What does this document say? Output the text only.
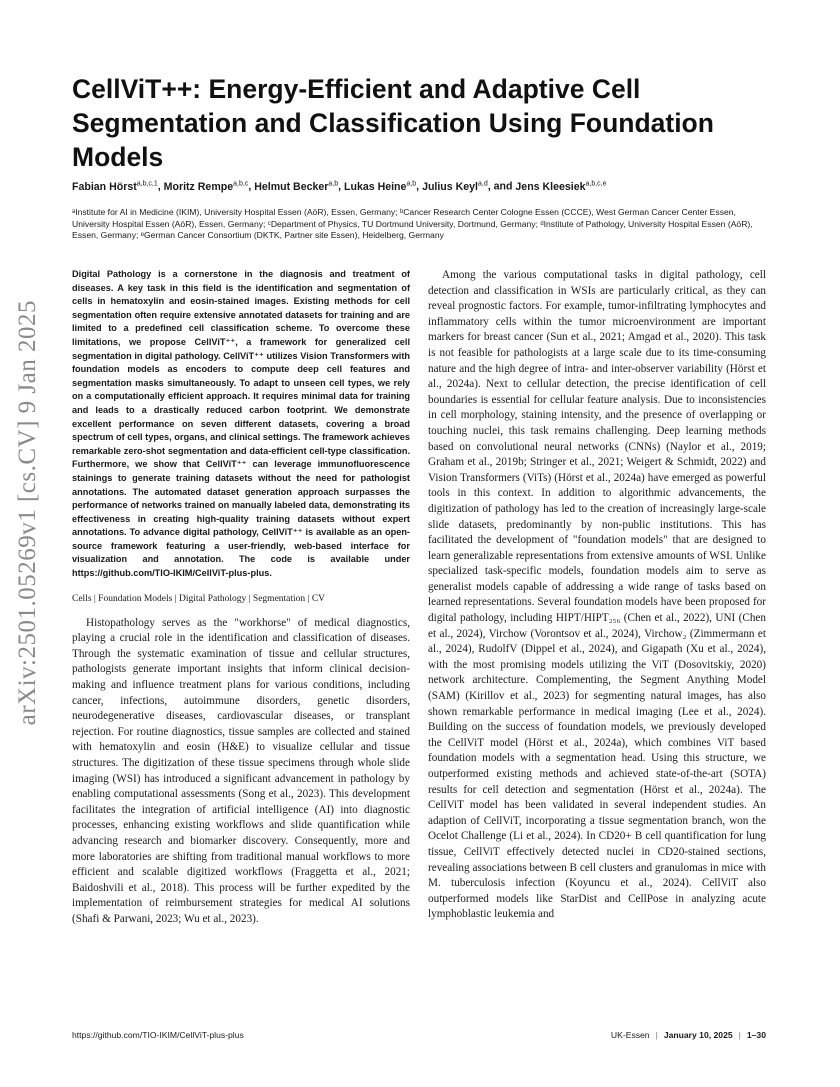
arXiv:2501.05269v1 [cs.CV] 9 Jan 2025
CellViT++: Energy-Efficient and Adaptive Cell Segmentation and Classification Using Foundation Models
Fabian Hörst$^{a,b,c,1}$, Moritz Rempe$^{a,b,c}$, Helmut Becker$^{a,b}$, Lukas Heine$^{a,b}$, Julius Keyl$^{a,d}$, and Jens Kleesiek$^{a,b,c,e}$
ᵃInstitute for AI in Medicine (IKIM), University Hospital Essen (AöR), Essen, Germany; ᵇCancer Research Center Cologne Essen (CCCE), West German Cancer Center Essen, University Hospital Essen (AöR), Essen, Germany; ᶜDepartment of Physics, TU Dortmund University, Dortmund, Germany; ᵈInstitute of Pathology, University Hospital Essen (AöR), Essen, Germany; ᵉGerman Cancer Consortium (DKTK, Partner site Essen), Heidelberg, Germany

Digital Pathology is a cornerstone in the diagnosis and treatment of diseases. A key task in this field is the identification and segmentation of cells in hematoxylin and eosin-stained images. Existing methods for cell segmentation often require extensive annotated datasets for training and are limited to a predefined cell classification scheme. To overcome these limitations, we propose CellViT⁺⁺, a framework for generalized cell segmentation in digital pathology. CellViT⁺⁺ utilizes Vision Transformers with foundation models as encoders to compute deep cell features and segmentation masks simultaneously. To adapt to unseen cell types, we rely on a computationally efficient approach. It requires minimal data for training and leads to a drastically reduced carbon footprint. We demonstrate excellent performance on seven different datasets, covering a broad spectrum of cell types, organs, and clinical settings. The framework achieves remarkable zero-shot segmentation and data-efficient cell-type classification. Furthermore, we show that CellViT⁺⁺ can leverage immunofluorescence stainings to generate training datasets without the need for pathologist annotations. The automated dataset generation approach surpasses the performance of networks trained on manually labeled data, demonstrating its effectiveness in creating high-quality training datasets without expert annotations. To advance digital pathology, CellViT⁺⁺ is available as an open-source framework featuring a user-friendly, web-based interface for visualization and annotation. The code is available under https://github.com/TIO-IKIM/CellViT-plus-plus.

Cells | Foundation Models | Digital Pathology | Segmentation | CV

Histopathology serves as the "workhorse" of medical diagnostics, playing a crucial role in the identification and classification of diseases. Through the systematic examination of tissue and cellular structures, pathologists generate important insights that inform clinical decision-making and influence treatment plans for various conditions, including cancer, infections, autoimmune disorders, genetic disorders, neurodegenerative diseases, cardiovascular diseases, or transplant rejection. For routine diagnostics, tissue samples are collected and stained with hematoxylin and eosin (H&E) to visualize cellular and tissue structures. The digitization of these tissue specimens through whole slide imaging (WSI) has introduced a significant advancement in pathology by enabling computational assessments (Song et al., 2023). This development facilitates the integration of artificial intelligence (AI) into diagnostic processes, enhancing existing workflows and slide quantification while advancing research and biomarker discovery. Consequently, more and more laboratories are shifting from traditional manual workflows to more efficient and scalable digitized workflows (Fraggetta et al., 2021; Baidoshvili et al., 2018). This process will be further expedited by the implementation of reimbursement strategies for medical AI solutions (Shafi & Parwani, 2023; Wu et al., 2023).

Among the various computational tasks in digital pathology, cell detection and classification in WSIs are particularly critical, as they can reveal prognostic factors. For example, tumor-infiltrating lymphocytes and inflammatory cells within the tumor microenvironment are important markers for breast cancer (Sun et al., 2021; Amgad et al., 2020). This task is not feasible for pathologists at a large scale due to its time-consuming nature and the high degree of intra- and inter-observer variability (Hörst et al., 2024a). Next to cellular detection, the precise identification of cell boundaries is essential for cellular feature analysis. Due to inconsistencies in cell morphology, staining intensity, and the presence of overlapping or touching nuclei, this task remains challenging. Deep learning methods based on convolutional neural networks (CNNs) (Naylor et al., 2019; Graham et al., 2019b; Stringer et al., 2021; Weigert & Schmidt, 2022) and Vision Transformers (ViTs) (Hörst et al., 2024a) have emerged as powerful tools in this context. In addition to algorithmic advancements, the digitization of pathology has led to the creation of increasingly large-scale slide datasets, predominantly by non-public institutions. This has facilitated the development of "foundation models" that are designed to learn generalizable representations from extensive amounts of WSI. Unlike specialized task-specific models, foundation models aim to serve as generalist models capable of addressing a wide range of tasks based on learned representations. Several foundation models have been proposed for digital pathology, including HIPT/HIPT₂₅₆ (Chen et al., 2022), UNI (Chen et al., 2024), Virchow (Vorontsov et al., 2024), Virchow₂ (Zimmermann et al., 2024), RudolfV (Dippel et al., 2024), and Gigapath (Xu et al., 2024), with the most promising models utilizing the ViT (Dosovitskiy, 2020) network architecture. Complementing, the Segment Anything Model (SAM) (Kirillov et al., 2023) for segmenting natural images, has also shown remarkable performance in medical imaging (Lee et al., 2024). Building on the success of foundation models, we previously developed the CellViT model (Hörst et al., 2024a), which combines ViT based foundation models with a segmentation head. Using this structure, we outperformed existing methods and achieved state-of-the-art (SOTA) results for cell detection and segmentation (Hörst et al., 2024a). The CellViT model has been validated in several independent studies. An adaption of CellViT, incorporating a tissue segmentation branch, won the Ocelot Challenge (Li et al., 2024). In CD20+ B cell quantification for lung tissue, CellViT effectively detected nuclei in CD20-stained sections, revealing associations between B cell clusters and granulomas in mice with M. tuberculosis infection (Koyuncu et al., 2024). CellViT also outperformed models like StarDist and CellPose in analyzing acute lymphoblastic leukemia and

https://github.com/TIO-IKIM/CellViT-plus-plus	UK-Essen | January 10, 2025 | 1–30
